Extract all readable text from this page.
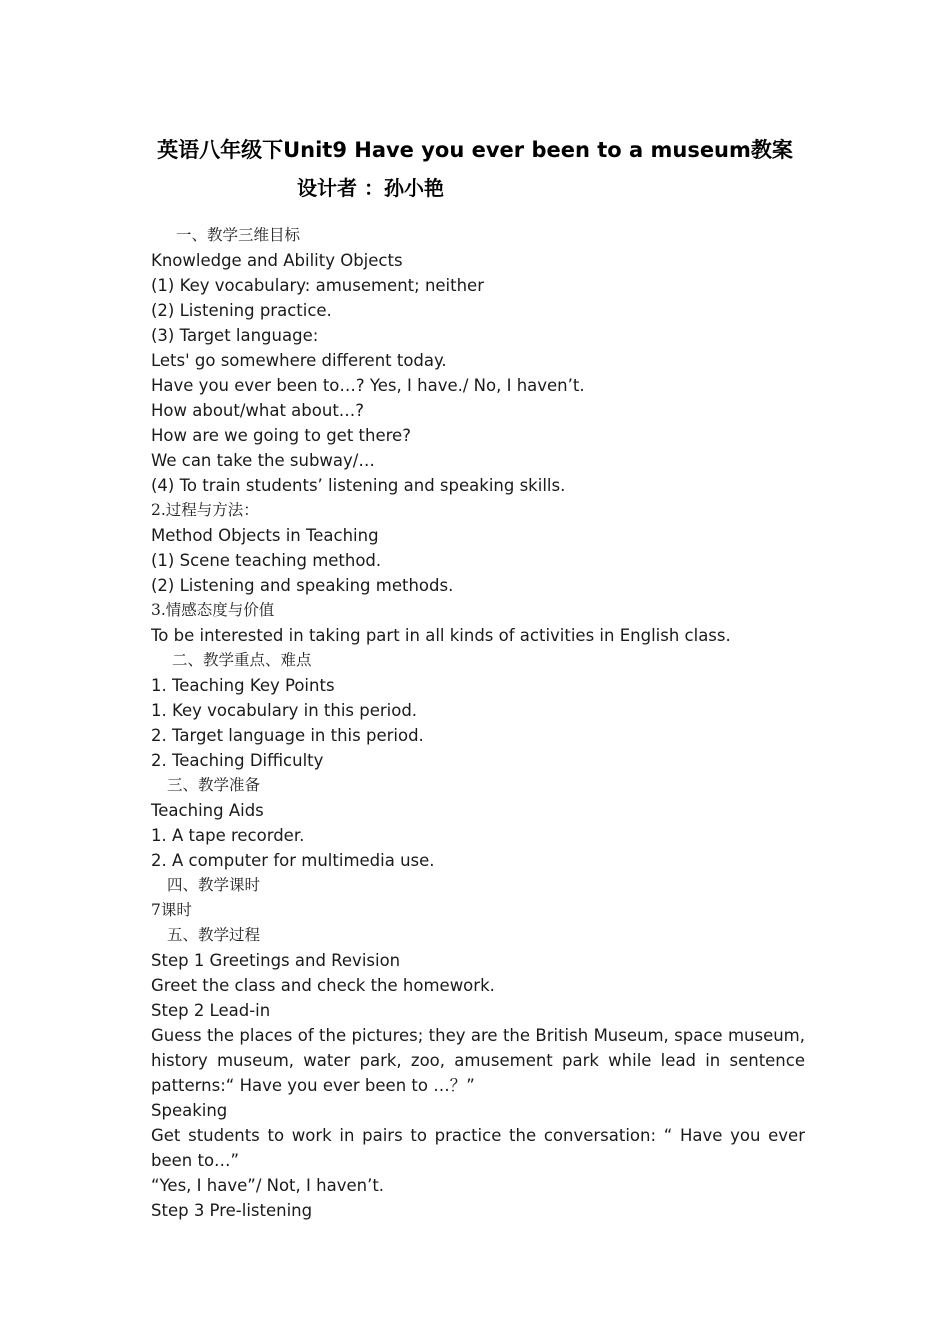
英语八年级下Unit9 Have you ever been to a museum教案
设计者 ：孙小艳
一、教学三维目标
Knowledge and Ability Objects
(1) Key vocabulary: amusement; neither
(2) Listening practice.
(3) Target language:
Lets' go somewhere different today.
Have you ever been to…? Yes, I have./ No, I haven’t.
How about/what about…?
How are we going to get there?
We can take the subway/…
(4) To train students’ listening and speaking skills.
2.过程与方法：
Method Objects in Teaching
(1) Scene teaching method.
(2) Listening and speaking methods.
3.情感态度与价值
To be interested in taking part in all kinds of activities in English class.
二、教学重点、难点
1. Teaching Key Points
1. Key vocabulary in this period.
2. Target language in this period.
2. Teaching Difficulty
三、教学准备
Teaching Aids
1. A tape recorder.
2. A computer for multimedia use.
四、教学课时
7课时
五、教学过程
Step 1 Greetings and Revision
Greet the class and check the homework.
Step 2 Lead-in

Guess the places of the pictures; they are the British Museum, space museum, history museum, water park, zoo, amusement park while lead in sentence patterns:“ Have you ever been to …？”

Speaking

Get students to work in pairs to practice the conversation: “ Have you ever been to…”

“Yes, I have”/ Not, I haven’t.
Step 3 Pre-listening
